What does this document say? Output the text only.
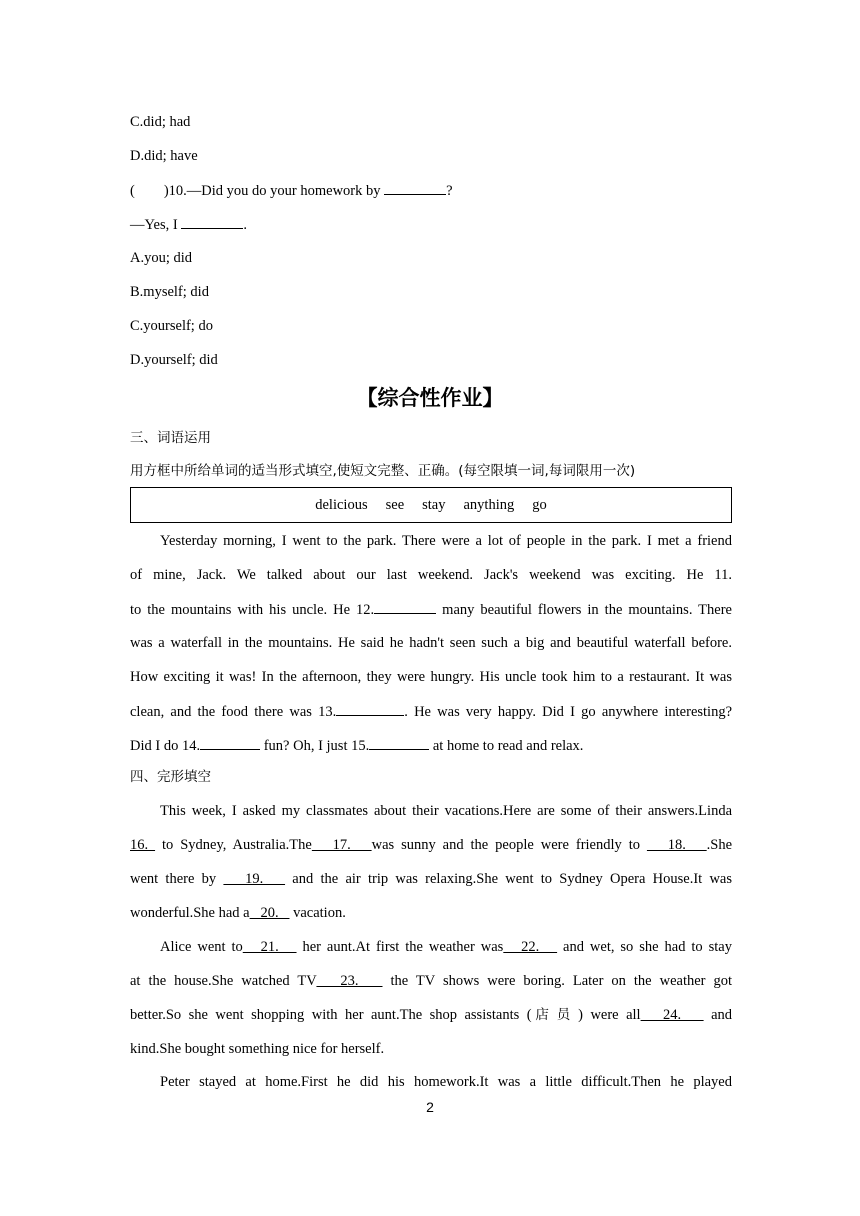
C.did; had
D.did; have
(        )10.—Did you do your homework by	?
—Yes, I	.
A.you; did
B.myself; did
C.yourself; do
D.yourself; did
【综合性作业】
三、词语运用
用方框中所给单词的适当形式填空,使短文完整、正确。(每空限填一词,每词限用一次)
delicious see stay anything go
Yesterday morning, I went to the park. There were a lot of people in the park. I met a friend
of mine, Jack. We talked about our last weekend. Jack's weekend was exciting. He 11.
to the mountains with his uncle. He 12.	many beautiful flowers in the mountains. There
was a waterfall in the mountains. He said he hadn't seen such a big and beautiful waterfall before.
How exciting it was! In the afternoon, they were hungry. His uncle took him to a restaurant. It was
clean, and the food there was 13.	. He was very happy. Did I go anywhere interesting?
Did I do 14.	fun? Oh, I just 15.	at home to read and relax.
四、完形填空
This week, I asked my classmates about their vacations.Here are some of their answers.Linda
16.  to Sydney, Australia.The   17.   was sunny and the people were friendly to    18.   .She
went there by    19.    and the air trip was relaxing.She went to Sydney Opera House.It was
wonderful.She had a   20.    vacation.
Alice went to   21.    her aunt.At first the weather was   22.    and wet, so she had to stay
at the house.She watched TV   23.    the TV shows were boring. Later on the weather got
better.So she went shopping with her aunt.The shop assistants (店员) were all   24.    and
kind.She bought something nice for herself.
Peter stayed at home.First he did his homework.It was a little difficult.Then he played
2
